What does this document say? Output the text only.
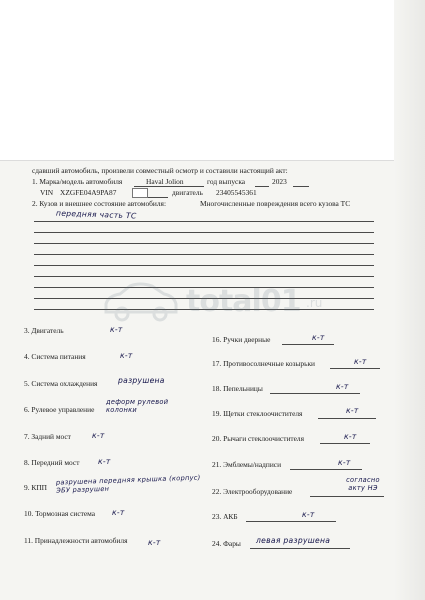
сдавший автомобиль, произвели совместный осмотр и составили настоящий акт:
1. Марка/модель автомобиля	Haval Jolion	год выпуска	2023
VIN XZGFE04A9PA87	двигатель 23405545361
2. Кузов и внешнее состояние автомобиля:	Многочисленные повреждения всего кузова ТС
передняя часть ТС
total01 .ru
3. Двигатель	к-т
4. Система питания	к-т
5. Система охлаждения	разрушена
6. Рулевое управление
деформ рулевой колонки
7. Задний мост	к-т
8. Передний мост к-т
9. КПП
разрушена передняя крышка (корпус) ЭБУ разрушен
10. Тормозная система к-т
11. Принадлежности автомобиля	к-т
16. Ручки дверные	к-т
17. Противосолнечные козырьки	к-т
18. Пепельницы	к-т
19. Щетки стеклоочистителя	к-т
20. Рычаги стеклоочистителя	к-т
21. Эмблемы/надписи	к-т
22. Электрооборудование
согласно акту НЭ
23. АКБ	к-т
24. Фары левая разрушена
